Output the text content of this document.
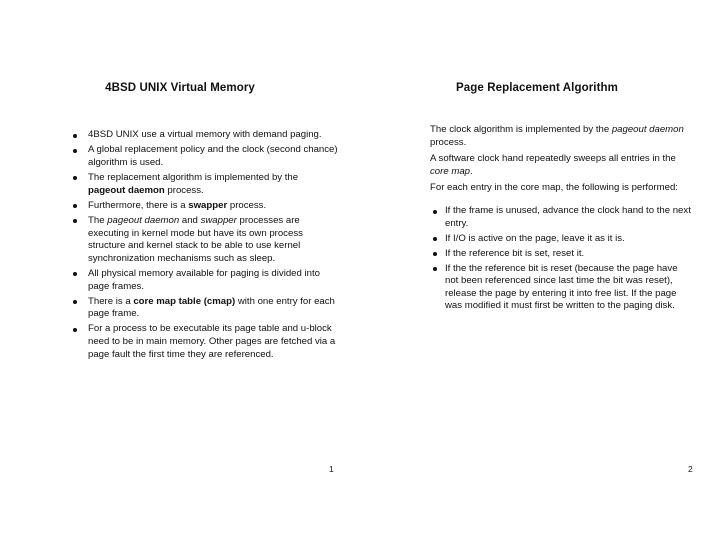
4BSD UNIX Virtual Memory
4BSD UNIX use a virtual memory with demand paging.
A global replacement policy and the clock (second chance) algorithm is used.
The replacement algorithm is implemented by the pageout daemon process.
Furthermore, there is a swapper process.
The pageout daemon and swapper processes are executing in kernel mode but have its own process structure and kernel stack to be able to use kernel synchronization mechanisms such as sleep.
All physical memory available for paging is divided into page frames.
There is a core map table (cmap) with one entry for each page frame.
For a process to be executable its page table and u-block need to be in main memory. Other pages are fetched via a page fault the first time they are referenced.
1
Page Replacement Algorithm

The clock algorithm is implemented by the pageout daemon process.

A software clock hand repeatedly sweeps all entries in the core map.

For each entry in the core map, the following is performed:

If the frame is unused, advance the clock hand to the next entry.
If I/O is active on the page, leave it as it is.
If the reference bit is set, reset it.
If the the reference bit is reset (because the page have not been referenced since last time the bit was reset), release the page by entering it into free list. If the page was modified it must first be written to the paging disk.
2
